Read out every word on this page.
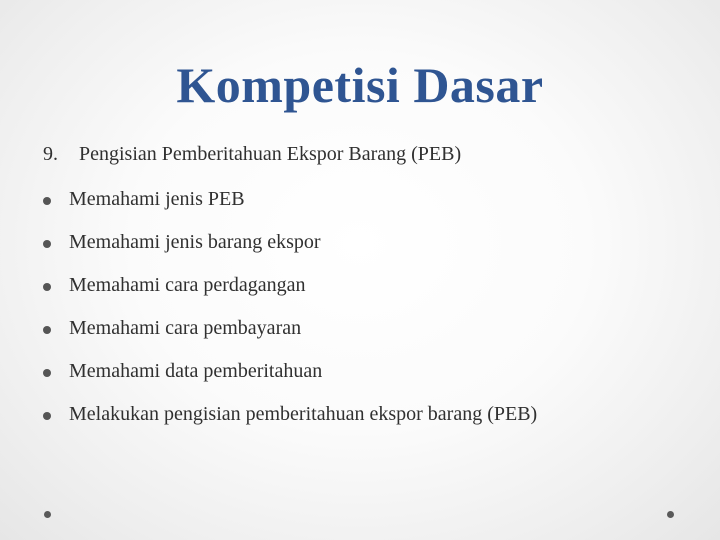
Kompetisi Dasar
9. Pengisian Pemberitahuan Ekspor Barang (PEB)
Memahami jenis PEB
Memahami jenis barang ekspor
Memahami cara perdagangan
Memahami cara pembayaran
Memahami data pemberitahuan
Melakukan pengisian pemberitahuan ekspor barang (PEB)
